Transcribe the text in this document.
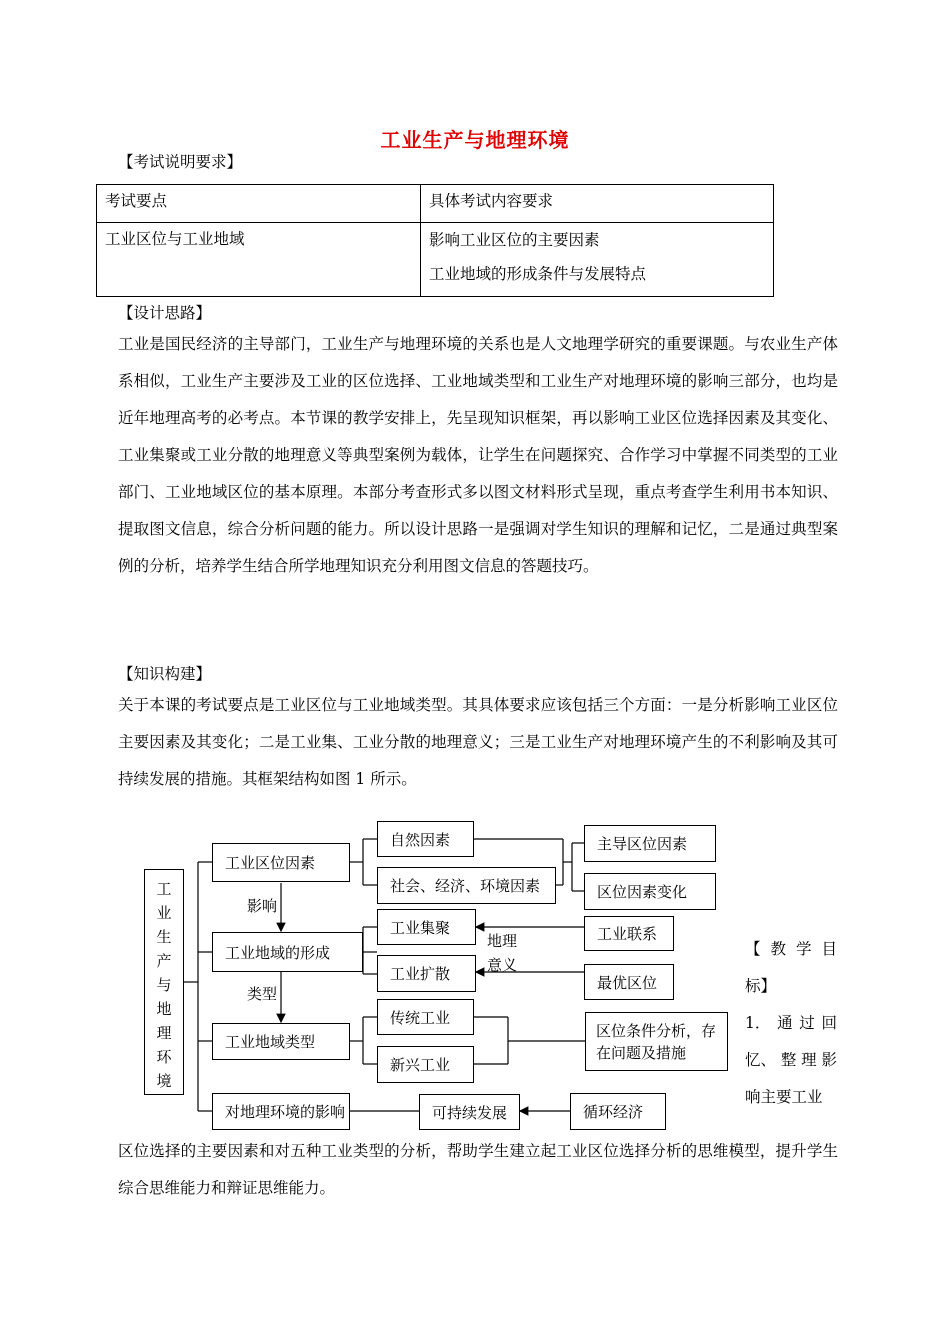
工业生产与地理环境
【考试说明要求】
考试要点	具体考试内容要求
工业区位与工业地域	影响工业区位的主要因素
工业地域的形成条件与发展特点
【设计思路】
工业是国民经济的主导部门，工业生产与地理环境的关系也是人文地理学研究的重要课题。与农业生产体系相似，工业生产主要涉及工业的区位选择、工业地域类型和工业生产对地理环境的影响三部分，也均是近年地理高考的必考点。本节课的教学安排上，先呈现知识框架，再以影响工业区位选择因素及其变化、工业集聚或工业分散的地理意义等典型案例为载体，让学生在问题探究、合作学习中掌握不同类型的工业部门、工业地域区位的基本原理。本部分考查形式多以图文材料形式呈现，重点考查学生利用书本知识、提取图文信息，综合分析问题的能力。所以设计思路一是强调对学生知识的理解和记忆，二是通过典型案例的分析，培养学生结合所学地理知识充分利用图文信息的答题技巧。
【知识构建】
关于本课的考试要点是工业区位与工业地域类型。其具体要求应该包括三个方面：一是分析影响工业区位主要因素及其变化；二是工业集、工业分散的地理意义；三是工业生产对地理环境产生的不利影响及其可持续发展的措施。其框架结构如图 1 所示。
工
业
生
产
与
地
理
环
境
工业区位因素
工业地域的形成
工业地域类型
对地理环境的影响
自然因素
社会、经济、环境因素
工业集聚
工业扩散
传统工业
新兴工业
可持续发展
主导区位因素
区位因素变化
工业联系
最优区位
区位条件分析，存在问题及措施
循环经济
影响
类型
地理
意义
【 教 学 目
标】
1． 通 过 回
忆、 整 理 影
响主要工业
区位选择的主要因素和对五种工业类型的分析，帮助学生建立起工业区位选择分析的思维模型，提升学生综合思维能力和辩证思维能力。
